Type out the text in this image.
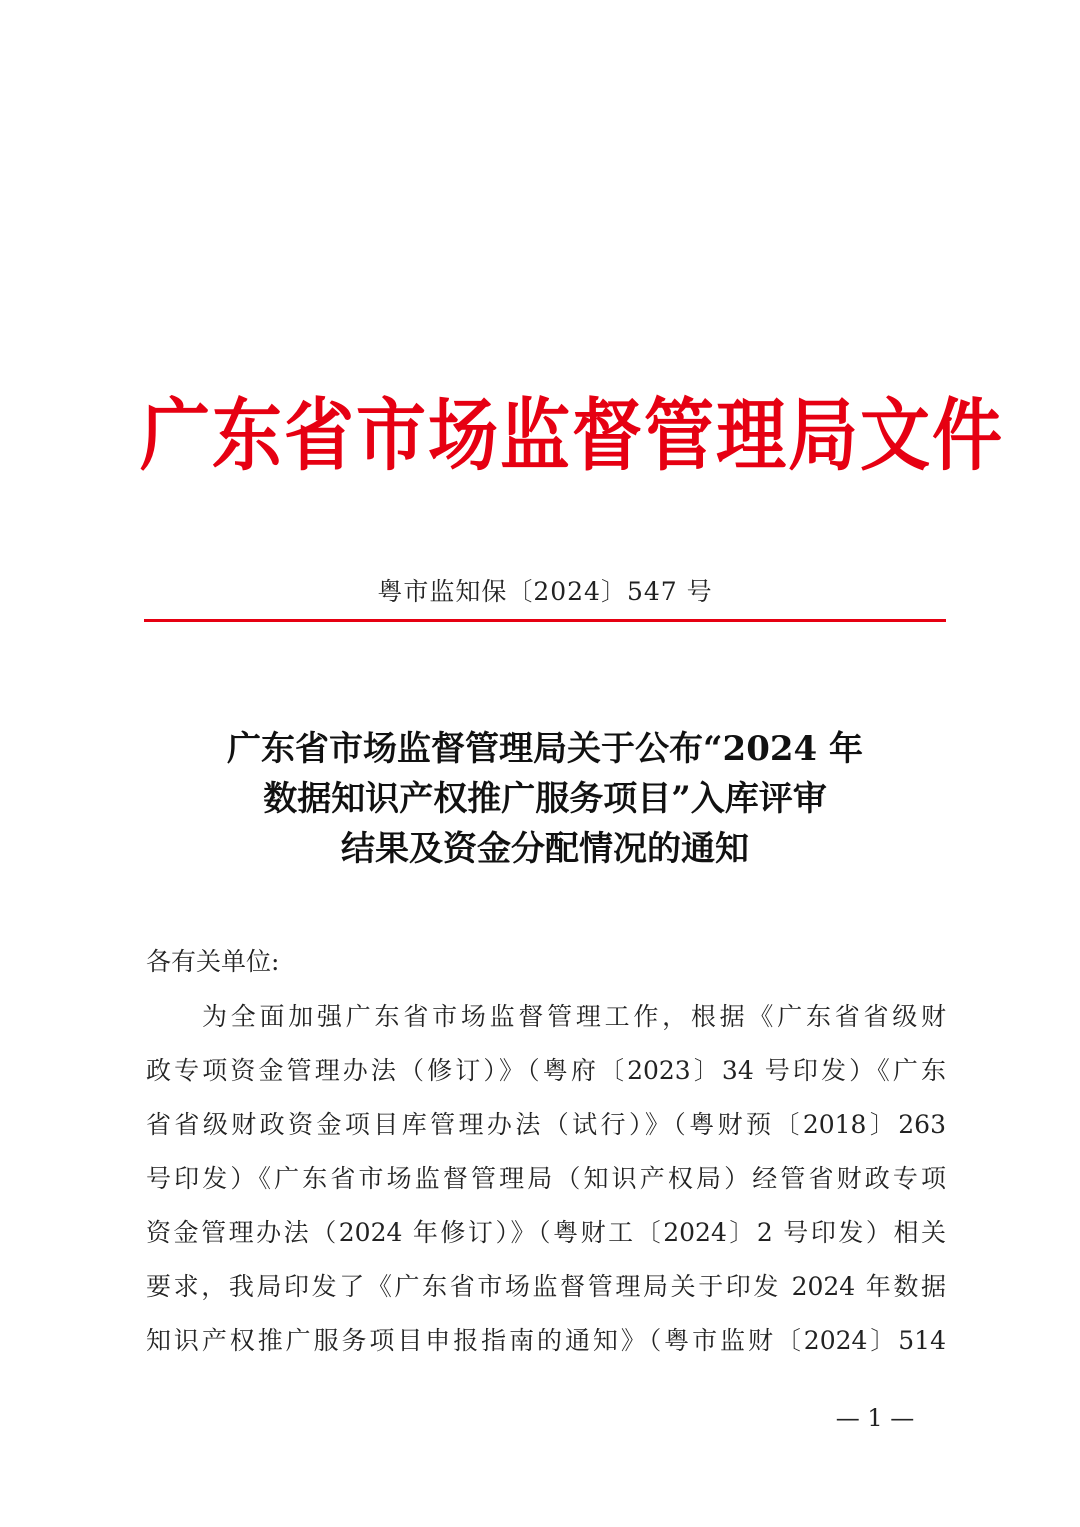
广东省市场监督管理局文件
粤市监知保〔2024〕547 号
广东省市场监督管理局关于公布“2024 年
数据知识产权推广服务项目”入库评审
结果及资金分配情况的通知
各有关单位:
为全面加强广东省市场监督管理工作，根据《广东省省级财
政专项资金管理办法（修订）》（粤府〔2023〕34 号印发）《广东
省省级财政资金项目库管理办法（试行）》（粤财预〔2018〕263
号印发）《广东省市场监督管理局（知识产权局）经管省财政专项
资金管理办法（2024 年修订）》（粤财工〔2024〕2 号印发）相关
要求，我局印发了《广东省市场监督管理局关于印发 2024 年数据
知识产权推广服务项目申报指南的通知》（粤市监财〔2024〕514
— 1 —
